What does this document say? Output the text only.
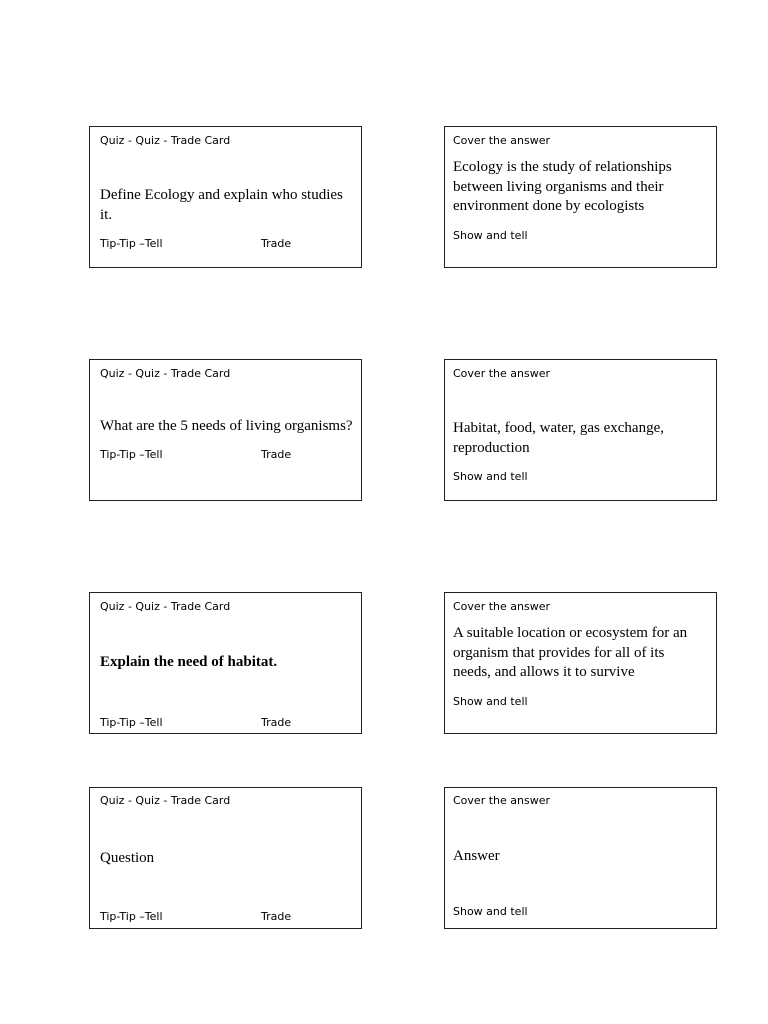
Quiz - Quiz - Trade Card
Define Ecology and explain who studies it.
Tip-Tip –Tell	Trade
Cover the answer
Ecology is the study of relationships between living organisms and their environment done by ecologists
Show and tell
Quiz - Quiz - Trade Card
What are the 5 needs of living organisms?
Tip-Tip –Tell	Trade
Cover the answer
Habitat, food, water, gas exchange, reproduction
Show and tell
Quiz - Quiz - Trade Card
Explain the need of habitat.
Tip-Tip –Tell	Trade
Cover the answer
A suitable location or ecosystem for an organism that provides for all of its needs, and allows it to survive
Show and tell
Quiz - Quiz - Trade Card
Question
Tip-Tip –Tell	Trade
Cover the answer
Answer
Show and tell
